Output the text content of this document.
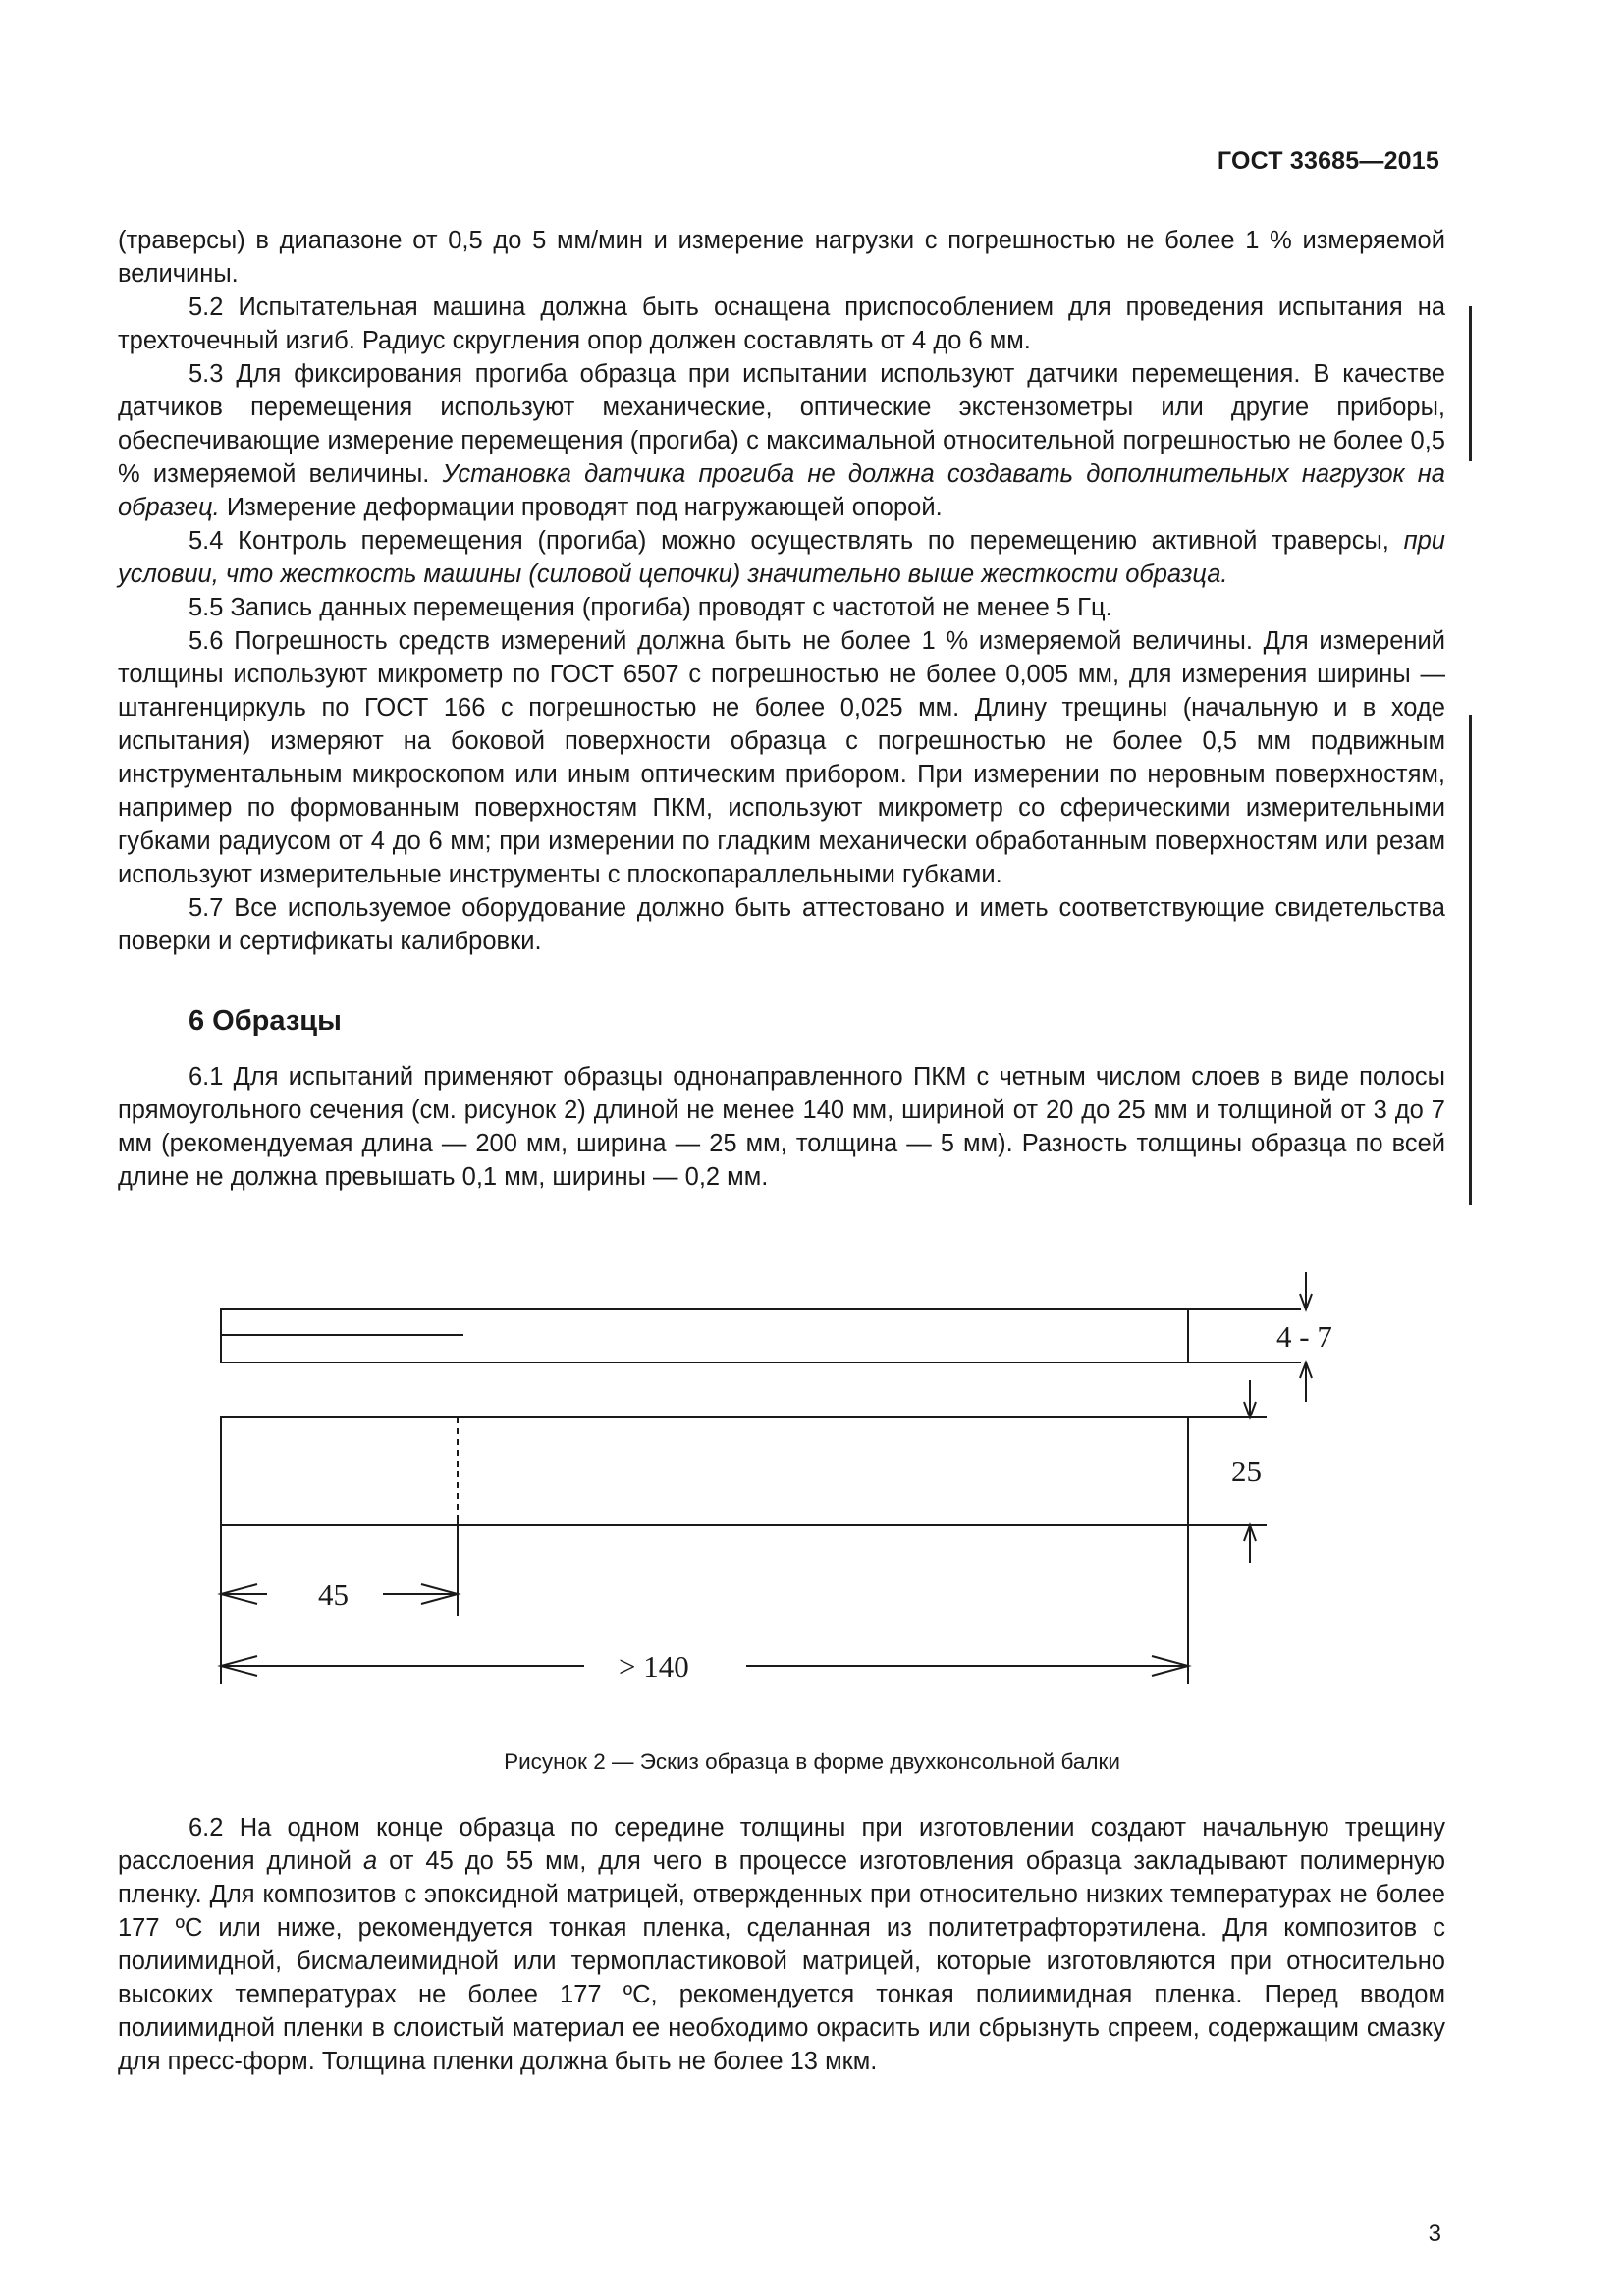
ГОСТ 33685—2015

(траверсы) в диапазоне от 0,5 до 5 мм/мин и измерение нагрузки с погрешностью не более 1 % измеряемой величины.

5.2 Испытательная машина должна быть оснащена приспособлением для проведения испытания на трехточечный изгиб. Радиус скругления опор должен составлять от 4 до 6 мм.

5.3 Для фиксирования прогиба образца при испытании используют датчики перемещения. В качестве датчиков перемещения используют механические, оптические экстензометры или другие приборы, обеспечивающие измерение перемещения (прогиба) с максимальной относительной погрешностью не более 0,5 % измеряемой величины. Установка датчика прогиба не должна создавать дополнительных нагрузок на образец. Измерение деформации проводят под нагружающей опорой.

5.4 Контроль перемещения (прогиба) можно осуществлять по перемещению активной траверсы, при условии, что жесткость машины (силовой цепочки) значительно выше жесткости образца.

5.5 Запись данных перемещения (прогиба) проводят с частотой не менее 5 Гц.

5.6 Погрешность средств измерений должна быть не более 1 % измеряемой величины. Для измерений толщины используют микрометр по ГОСТ 6507 с погрешностью не более 0,005 мм, для измерения ширины — штангенциркуль по ГОСТ 166 с погрешностью не более 0,025 мм. Длину трещины (начальную и в ходе испытания) измеряют на боковой поверхности образца с погрешностью не более 0,5 мм подвижным инструментальным микроскопом или иным оптическим прибором. При измерении по неровным поверхностям, например по формованным поверхностям ПКМ, используют микрометр со сферическими измерительными губками радиусом от 4 до 6 мм; при измерении по гладким механически обработанным поверхностям или резам используют измерительные инструменты с плоскопараллельными губками.

5.7 Все используемое оборудование должно быть аттестовано и иметь соответствующие свидетельства поверки и сертификаты калибровки.

6 Образцы

6.1 Для испытаний применяют образцы однонаправленного ПКМ с четным числом слоев в виде полосы прямоугольного сечения (см. рисунок 2) длиной не менее 140 мм, шириной от 20 до 25 мм и толщиной от 3 до 7 мм (рекомендуемая длина — 200 мм, ширина — 25 мм, толщина — 5 мм). Разность толщины образца по всей длине не должна превышать 0,1 мм, ширины — 0,2 мм.

4 - 7
25
45
> 140
Рисунок 2 — Эскиз образца в форме двухконсольной балки

6.2 На одном конце образца по середине толщины при изготовлении создают начальную трещину расслоения длиной a от 45 до 55 мм, для чего в процессе изготовления образца закладывают полимерную пленку. Для композитов с эпоксидной матрицей, отвержденных при относительно низких температурах не более 177 ºС или ниже, рекомендуется тонкая пленка, сделанная из политетрафторэтилена. Для композитов с полиимидной, бисмалеимидной или термопластиковой матрицей, которые изготовляются при относительно высоких температурах не более 177 ºС, рекомендуется тонкая полиимидная пленка. Перед вводом полиимидной пленки в слоистый материал ее необходимо окрасить или сбрызнуть спреем, содержащим смазку для пресс-форм. Толщина пленки должна быть не более 13 мкм.

3
